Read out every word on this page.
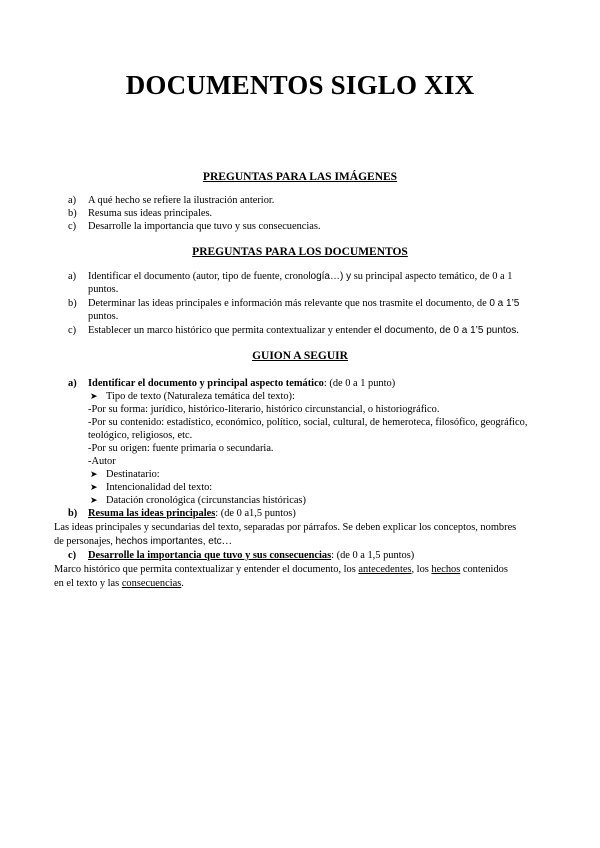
DOCUMENTOS SIGLO XIX
PREGUNTAS PARA LAS IMÁGENES
a) A qué hecho se refiere la ilustración anterior.
b) Resuma sus ideas principales.
c) Desarrolle la importancia que tuvo y sus consecuencias.
PREGUNTAS PARA LOS DOCUMENTOS
a) Identificar el documento (autor, tipo de fuente, cronología…) y su principal aspecto temático, de 0 a 1
puntos.
b) Determinar las ideas principales e información más relevante que nos trasmite el documento, de 0 a 1’5
puntos.
c) Establecer un marco histórico que permita contextualizar y entender el documento, de 0 a 1’5 puntos.
GUION A SEGUIR
a) Identificar el documento y principal aspecto temático: (de 0 a 1 punto)
➤ Tipo de texto (Naturaleza temática del texto):
-Por su forma: jurídico, histórico-literario, histórico circunstancial, o historiográfico.
-Por su contenido: estadístico, económico, político, social, cultural, de hemeroteca, filosófico, geográfico,
teológico, religiosos, etc.
-Por su origen: fuente primaria o secundaria.
-Autor
➤ Destinatario:
➤ Intencionalidad del texto:
➤ Datación cronológica (circunstancias históricas)
b) Resuma las ideas principales: (de 0 a1,5 puntos)
Las ideas principales y secundarias del texto, separadas por párrafos. Se deben explicar los conceptos, nombres
de personajes, hechos importantes, etc…
c) Desarrolle la importancia que tuvo y sus consecuencias: (de 0 a 1,5 puntos)
Marco histórico que permita contextualizar y entender el documento, los antecedentes, los hechos contenidos
en el texto y las consecuencias.
